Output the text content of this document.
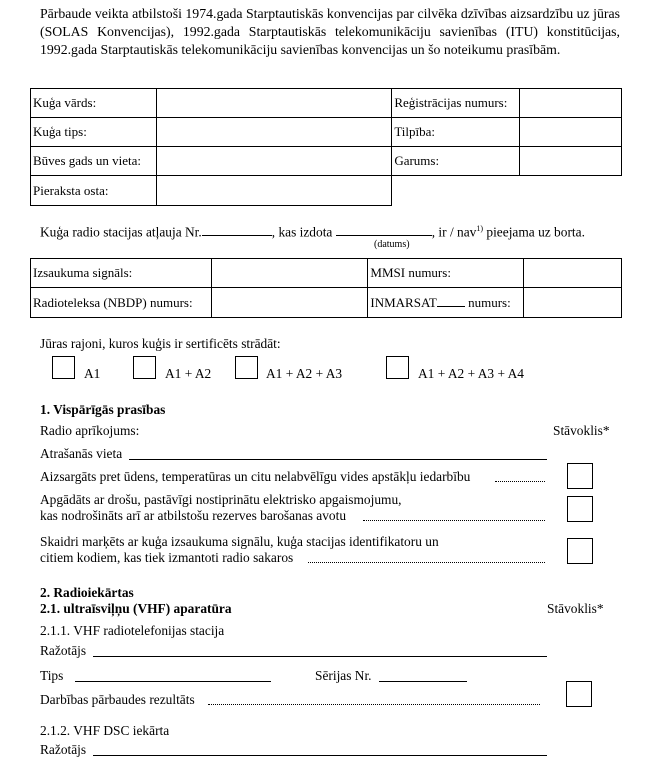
Pārbaude veikta atbilstoši 1974.gada Starptautiskās konvencijas par cilvēka dzīvības aizsardzību uz jūras (SOLAS Konvencijas), 1992.gada Starptautiskās telekomunikāciju savienības (ITU) konstitūcijas, 1992.gada Starptautiskās telekomunikāciju savienības konvencijas un šo noteikumu prasībām.
Kuģa vārds:		Reģistrācijas numurs:	
Kuģa tips:		Tilpība:	
Būves gads un vieta:		Garums:	
Pieraksta osta:			
Kuģa radio stacijas atļauja Nr.	, kas izdota	, ir / nav$^{1)}$ pieejama uz borta.
(datums)
Izsaukuma signāls:		MMSI numurs:	
Radioteleksa (NBDP) numurs:		INMARSAT numurs:	
Jūras rajoni, kuros kuģis ir sertificēts strādāt:
A1	A1 + A2	A1 + A2 + A3	A1 + A2 + A3 + A4
1. Vispārīgās prasības
Radio aprīkojums:	Stāvoklis*
Atrašanās vieta
Aizsargāts pret ūdens, temperatūras un citu nelabvēlīgu vides apstākļu iedarbību
Apgādāts ar drošu, pastāvīgi nostiprinātu elektrisko apgaismojumu,
kas nodrošināts arī ar atbilstošu rezerves barošanas avotu
Skaidri marķēts ar kuģa izsaukuma signālu, kuģa stacijas identifikatoru un
citiem kodiem, kas tiek izmantoti radio sakaros
2. Radioiekārtas
2.1. ultraīsviļņu (VHF) aparatūra	Stāvoklis*
2.1.1. VHF radiotelefonijas stacija
Ražotājs
Tips	Sērijas Nr.
Darbības pārbaudes rezultāts
2.1.2. VHF DSC iekārta
Ražotājs
